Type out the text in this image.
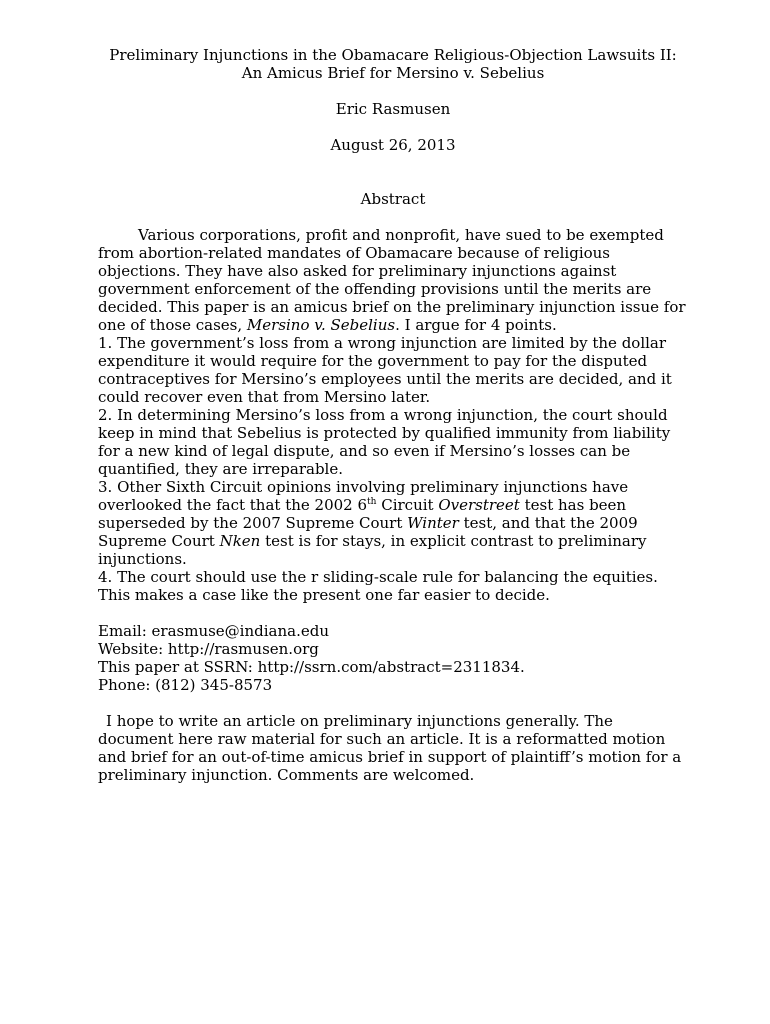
Preliminary Injunctions in the Obamacare Religious-Objection Lawsuits II:
An Amicus Brief for Mersino v. Sebelius
Eric Rasmusen
August 26, 2013
Abstract

Various corporations, profit and nonprofit, have sued to be exempted from abortion-related mandates of Obamacare because of religious objections. They have also asked for preliminary injunctions against government enforcement of the offending provisions until the merits are decided. This paper is an amicus brief on the preliminary injunction issue for one of those cases, Mersino v. Sebelius. I argue for 4 points.

1. The government’s loss from a wrong injunction are limited by the dollar expenditure it would require for the government to pay for the disputed contraceptives for Mersino’s employees until the merits are decided, and it could recover even that from Mersino later.

2. In determining Mersino’s loss from a wrong injunction, the court should keep in mind that Sebelius is protected by qualified immunity from liability for a new kind of legal dispute, and so even if Mersino’s losses can be quantified, they are irreparable.

3. Other Sixth Circuit opinions involving preliminary injunctions have overlooked the fact that the 2002 6th Circuit Overstreet test has been superseded by the 2007 Supreme Court Winter test, and that the 2009 Supreme Court Nken test is for stays, in explicit contrast to preliminary injunctions.

4. The court should use the r sliding-scale rule for balancing the equities. This makes a case like the present one far easier to decide.

Email: erasmuse@indiana.edu
Website: http://rasmusen.org
This paper at SSRN: http://ssrn.com/abstract=2311834.
Phone: (812) 345-8573
I hope to write an article on preliminary injunctions generally. The document here raw material for such an article. It is a reformatted motion and brief for an out-of-time amicus brief in support of plaintiff’s motion for a preliminary injunction. Comments are welcomed.
